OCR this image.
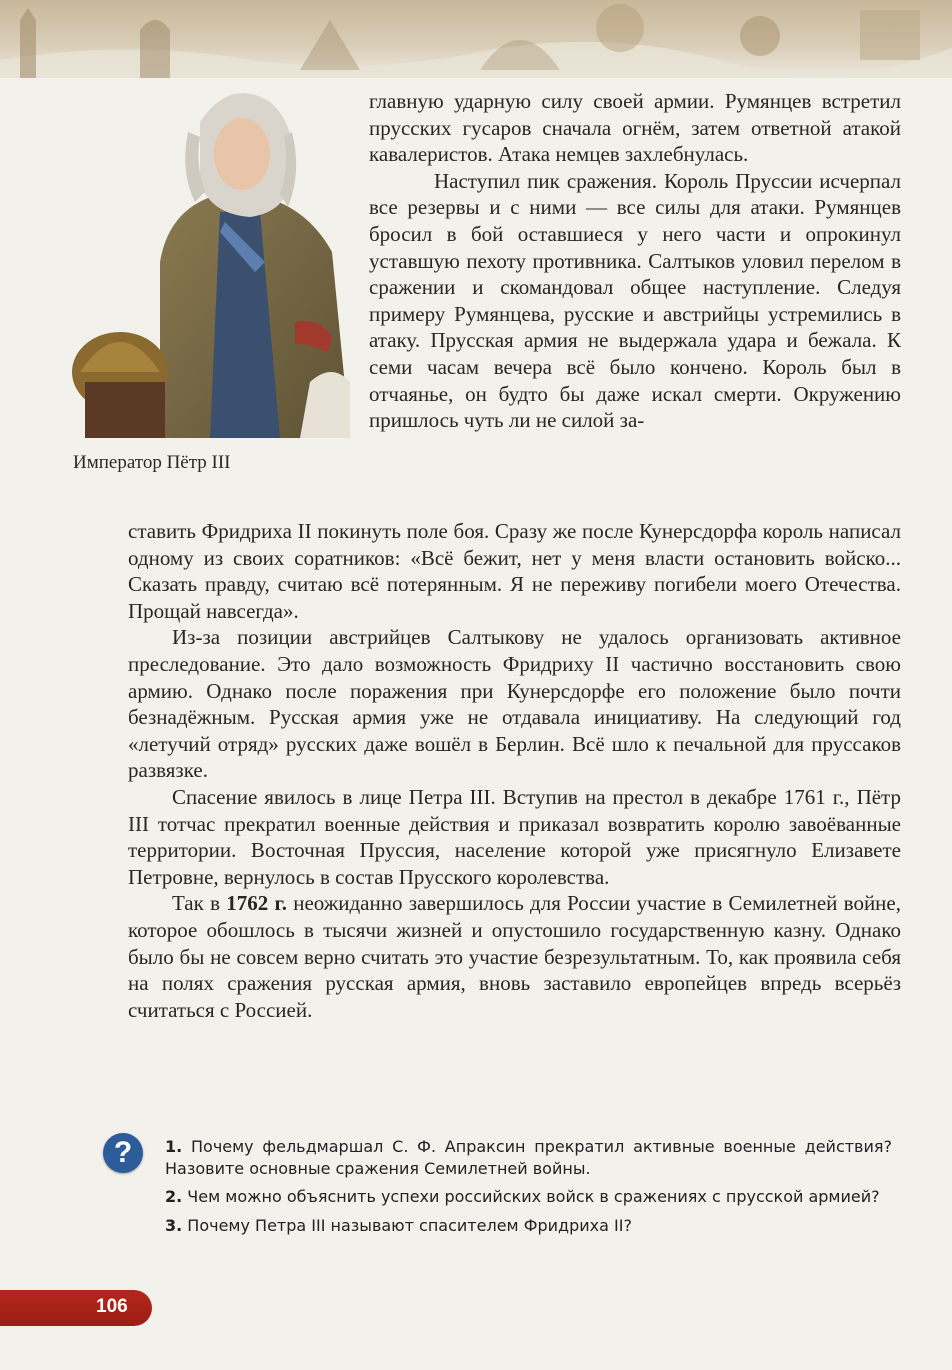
Император Пётр III

главную ударную силу своей армии. Румянцев встретил прусских гусаров сначала огнём, затем ответной атакой кавалеристов. Атака немцев захлебнулась.

Наступил пик сражения. Король Пруссии исчерпал все резервы и с ними — все силы для атаки. Румянцев бросил в бой оставшиеся у него части и опрокинул уставшую пехоту противника. Салтыков уловил перелом в сражении и скомандовал общее наступление. Следуя примеру Румянцева, русские и австрийцы устремились в атаку. Прусская армия не выдержала удара и бежала. К семи часам вечера всё было кончено. Король был в отчаянье, он будто бы даже искал смерти. Окружению пришлось чуть ли не силой за-

ставить Фридриха II покинуть поле боя. Сразу же после Кунерсдорфа король написал одному из своих соратников: «Всё бежит, нет у меня власти остановить войско... Сказать правду, считаю всё потерянным. Я не переживу погибели моего Отечества. Прощай навсегда».

Из-за позиции австрийцев Салтыкову не удалось организовать активное преследование. Это дало возможность Фридриху II частично восстановить свою армию. Однако после поражения при Кунерсдорфе его положение было почти безнадёжным. Русская армия уже не отдавала инициативу. На следующий год «летучий отряд» русских даже вошёл в Берлин. Всё шло к печальной для пруссаков развязке.

Спасение явилось в лице Петра III. Вступив на престол в декабре 1761 г., Пётр III тотчас прекратил военные действия и приказал возвратить королю завоёванные территории. Восточная Пруссия, население которой уже присягнуло Елизавете Петровне, вернулось в состав Прусского королевства.

Так в 1762 г. неожиданно завершилось для России участие в Семилетней войне, которое обошлось в тысячи жизней и опустошило государственную казну. Однако было бы не совсем верно считать это участие безрезультатным. То, как проявила себя на полях сражения русская армия, вновь заставило европейцев впредь всерьёз считаться с Россией.

?	1. Почему фельдмаршал С. Ф. Апраксин прекратил активные военные действия? Назовите основные сражения Семилетней войны.

2. Чем можно объяснить успехи российских войск в сражениях с прусской армией?

3. Почему Петра III называют спасителем Фридриха II?

106
